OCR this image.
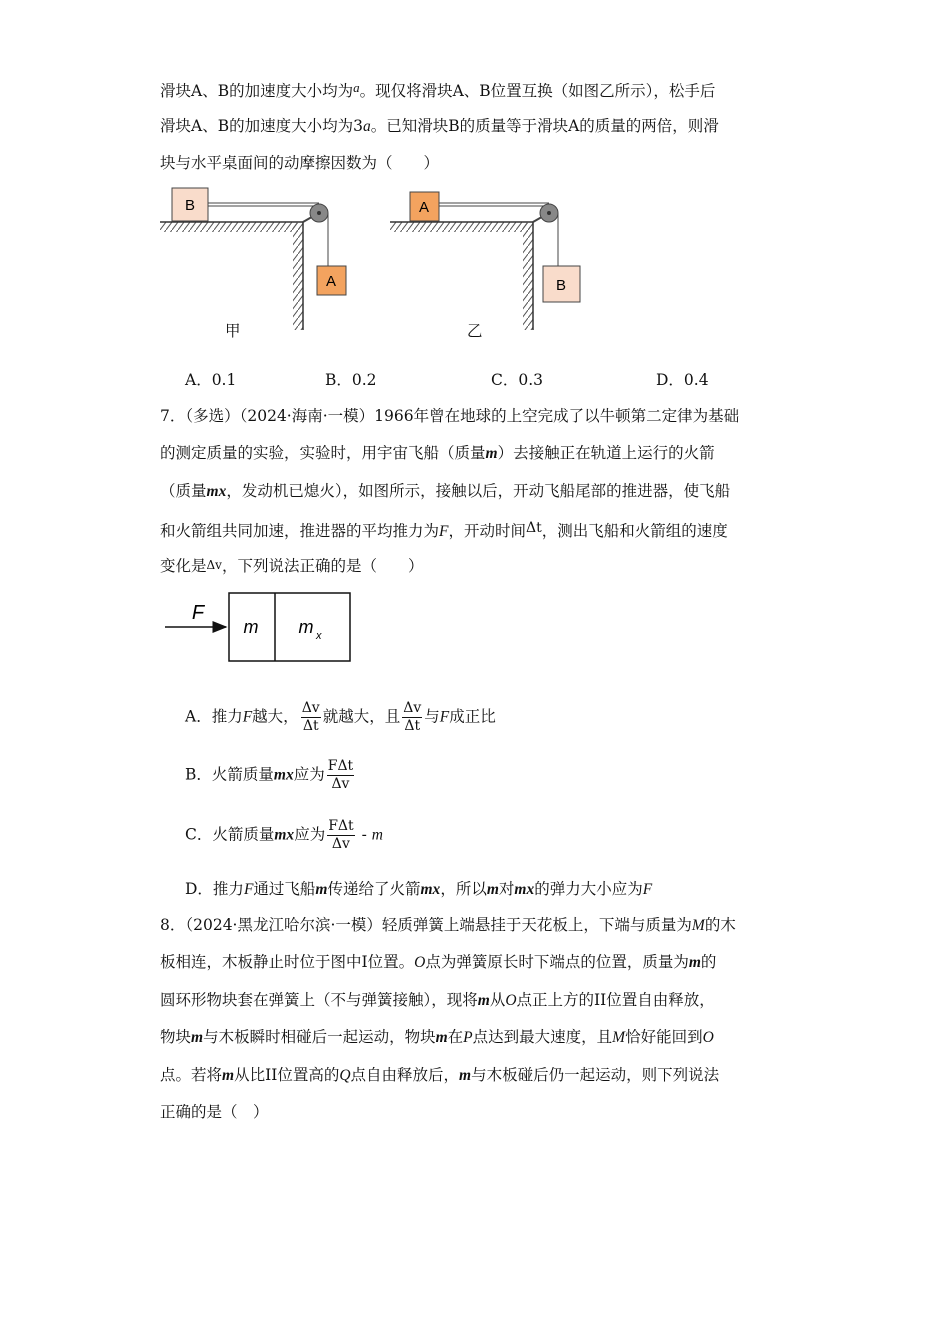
滑块A、B的加速度大小均为$^a$。现仅将滑块A、B位置互换（如图乙所示），松手后
滑块A、B的加速度大小均为3a。已知滑块B的质量等于滑块A的质量的两倍，则滑
块与水平桌面间的动摩擦因数为（　　）
B
A
甲
A
B
乙
A．0.1	B．0.2	C．0.3	D．0.4
7．（多选）（2024·海南·一模）1966年曾在地球的上空完成了以牛顿第二定律为基础
的测定质量的实验，实验时，用宇宙飞船（质量m）去接触正在轨道上运行的火箭
（质量mx，发动机已熄火），如图所示，接触以后，开动飞船尾部的推进器，使飞船
和火箭组共同加速，推进器的平均推力为F，开动时间Δt，测出飞船和火箭组的速度
变化是Δv，下列说法正确的是（　　）
F
m m x
A．推力F越大， $\frac{\Delta v}{\Delta t}$ 就越大，且 $\frac{\Delta v}{\Delta t}$ 与F成正比
B．火箭质量mx应为 $\frac{\text{FΔt}}{\Delta v}$
C．火箭质量mx应为 $\frac{\text{FΔt}}{\Delta v}$ - m
D．推力F通过飞船m传递给了火箭mx，所以m对mx的弹力大小应为F
8．（2024·黑龙江哈尔滨·一模）轻质弹簧上端悬挂于天花板上，下端与质量为M的木
板相连，木板静止时位于图中I位置。O点为弹簧原长时下端点的位置，质量为m的
圆环形物块套在弹簧上（不与弹簧接触），现将m从O点正上方的II位置自由释放，
物块m与木板瞬时相碰后一起运动，物块m在P点达到最大速度，且M恰好能回到O
点。若将m从比II位置高的Q点自由释放后，m与木板碰后仍一起运动，则下列说法
正确的是（　）
